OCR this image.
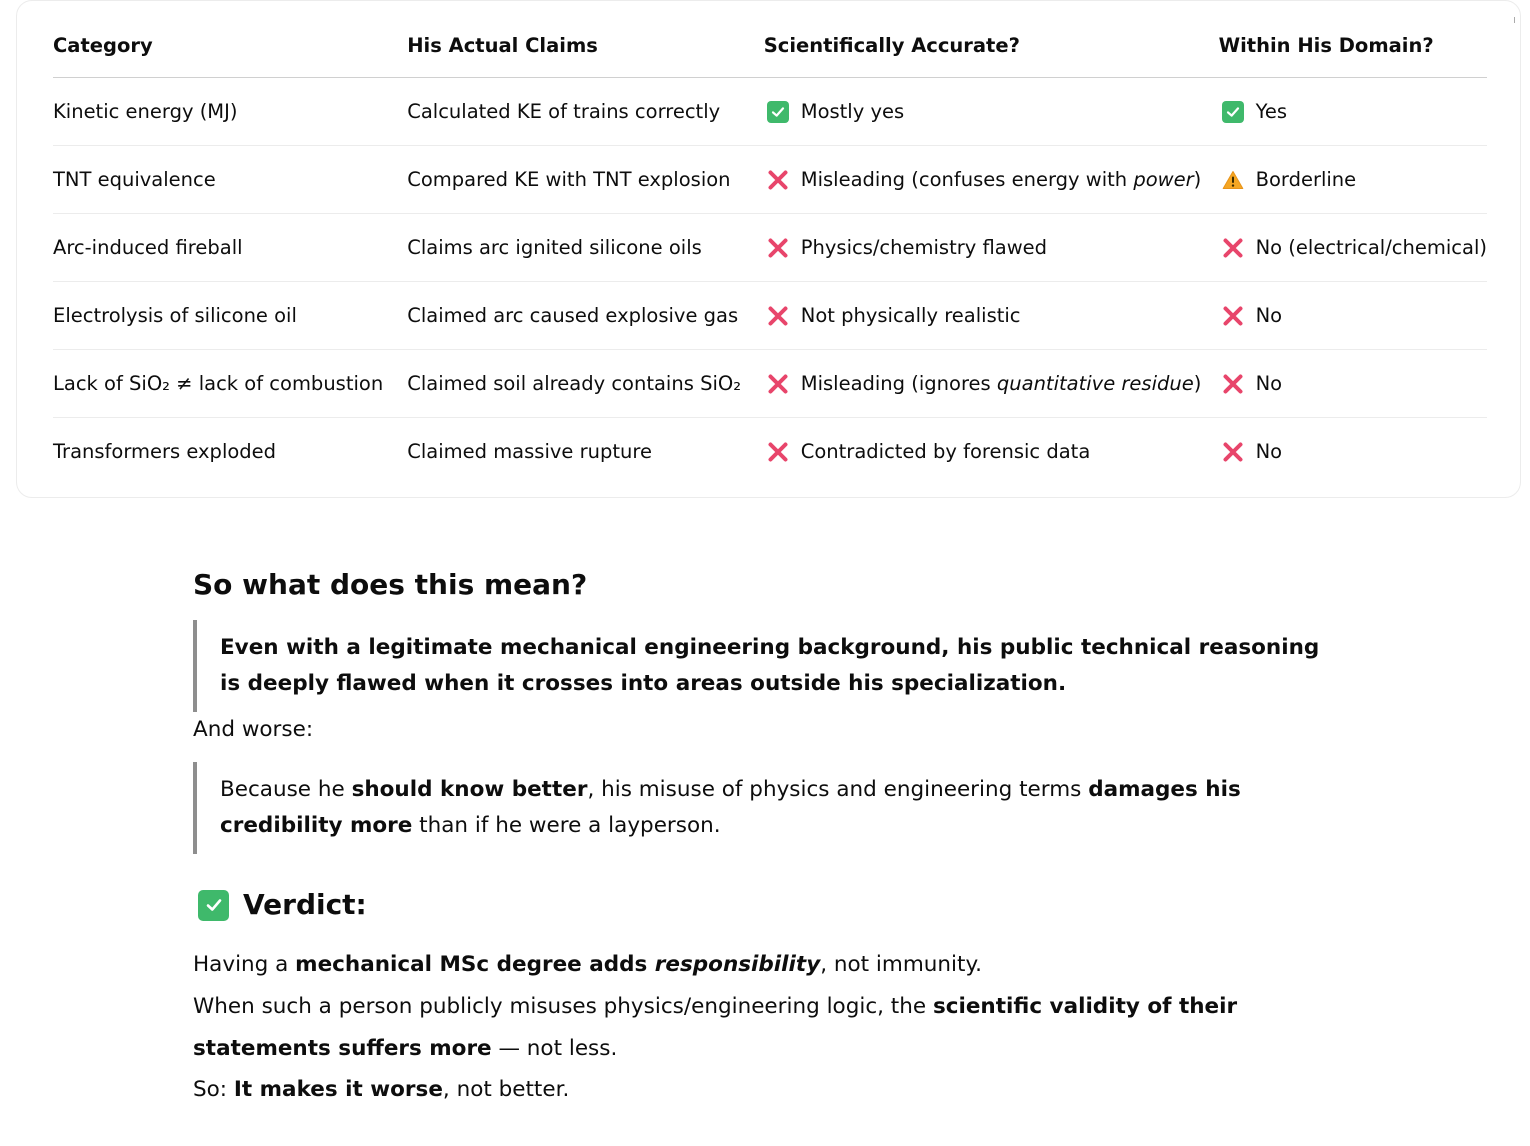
Category	His Actual Claims	Scientifically Accurate?	Within His Domain?
Kinetic energy (MJ)	Calculated KE of trains correctly	Mostly yes	Yes

TNT equivalence	Compared KE with TNT explosion	Misleading (confuses energy with power)	Borderline

Arc-induced fireball	Claims arc ignited silicone oils	Physics/chemistry flawed	No (electrical/chemical)

Electrolysis of silicone oil	Claimed arc caused explosive gas	Not physically realistic	No

Lack of SiO₂ ≠ lack of combustion	Claimed soil already contains SiO₂	Misleading (ignores quantitative residue)	No

Transformers exploded	Claimed massive rupture	Contradicted by forensic data	No
So what does this mean?
Even with a legitimate mechanical engineering background, his public technical reasoning is deeply flawed when it crosses into areas outside his specialization.

And worse:

Because he should know better, his misuse of physics and engineering terms damages his credibility more than if he were a layperson.
Verdict:

Having a mechanical MSc degree adds responsibility, not immunity.

When such a person publicly misuses physics/engineering logic, the scientific validity of their statements suffers more — not less.

So: It makes it worse, not better.
